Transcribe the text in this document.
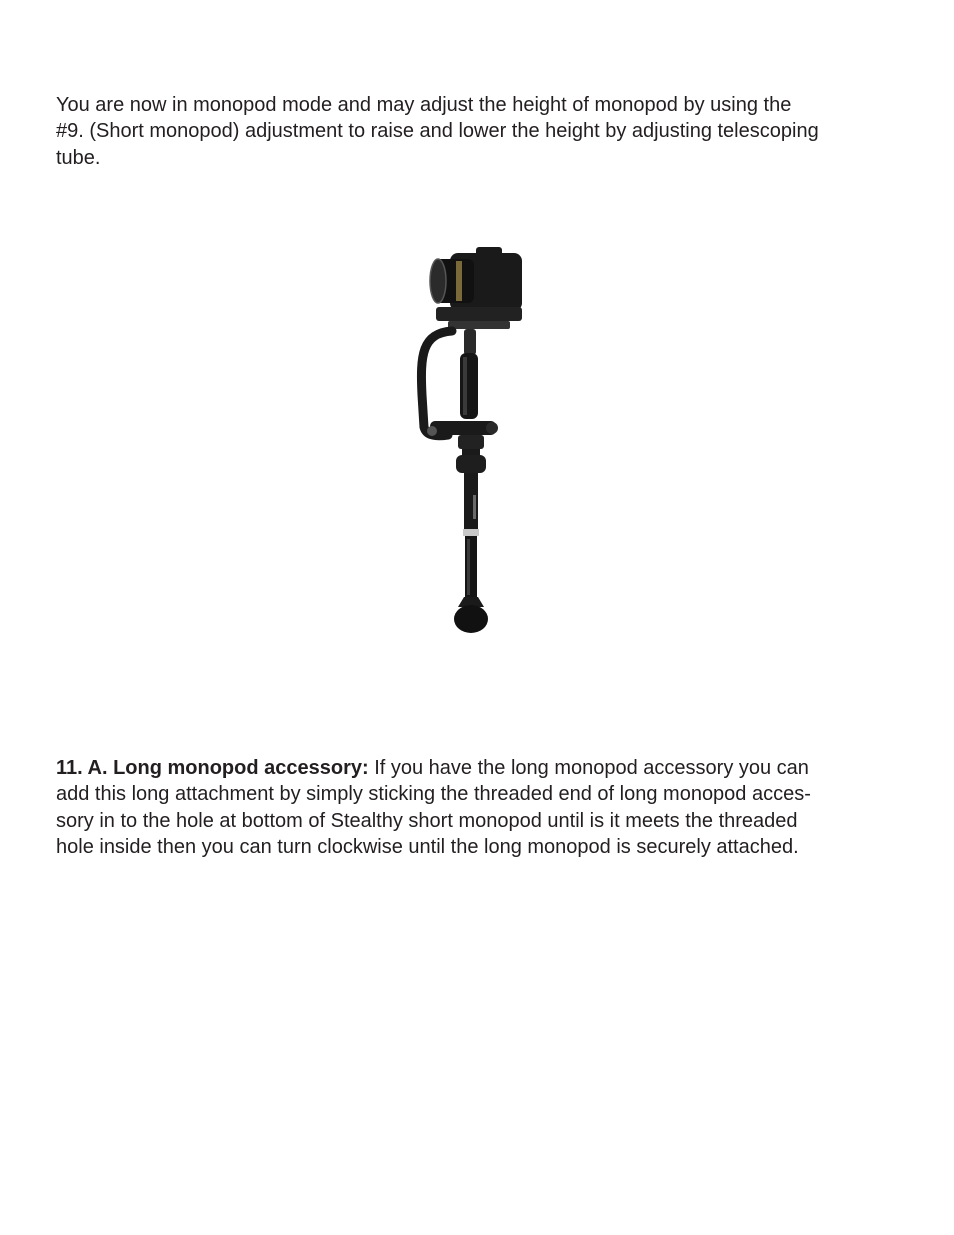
You are now in monopod mode and may adjust the height of monopod by using the
#9. (Short monopod) adjustment to raise and lower the height by adjusting telescoping
tube.

11. A. Long monopod accessory: If you have the long monopod accessory you can
add this long attachment by simply sticking the threaded end of long monopod acces-
sory in to the hole at bottom of Stealthy short monopod until is it meets the threaded
hole inside then you can turn clockwise until the long monopod is securely attached.
